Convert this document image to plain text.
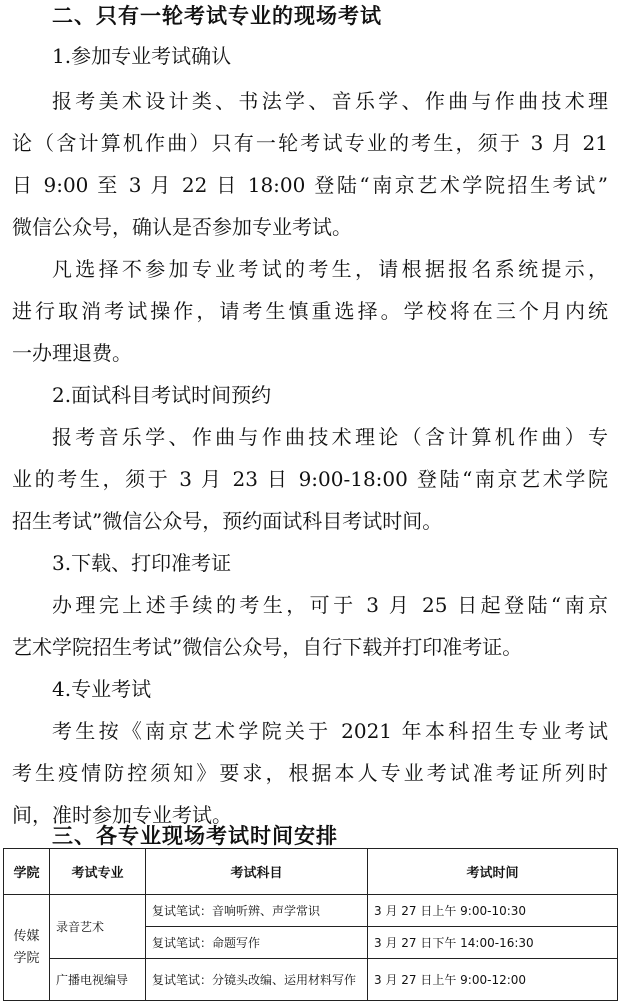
二、只有一轮考试专业的现场考试
1.参加专业考试确认
报考美术设计类、书法学、音乐学、作曲与作曲技术理
论（含计算机作曲）只有一轮考试专业的考生，须于 3 月 21
日 9:00 至 3 月 22 日 18:00 登陆“南京艺术学院招生考试”
微信公众号，确认是否参加专业考试。
凡选择不参加专业考试的考生，请根据报名系统提示，
进行取消考试操作，请考生慎重选择。学校将在三个月内统
一办理退费。
2.面试科目考试时间预约
报考音乐学、作曲与作曲技术理论（含计算机作曲）专
业的考生，须于 3 月 23 日 9:00-18:00 登陆“南京艺术学院
招生考试”微信公众号，预约面试科目考试时间。
3.下载、打印准考证
办理完上述手续的考生，可于 3 月 25 日起登陆“南京
艺术学院招生考试”微信公众号，自行下载并打印准考证。
4.专业考试
考生按《南京艺术学院关于 2021 年本科招生专业考试
考生疫情防控须知》要求，根据本人专业考试准考证所列时
间，准时参加专业考试。
三、各专业现场考试时间安排
学院	考试专业	考试科目	考试时间
传媒学院	录音艺术	复试笔试：音响听辨、声学常识	3 月 27 日上午 9:00-10:30
		复试笔试：命题写作	3 月 27 日下午 14:00-16:30
	广播电视编导	复试笔试：分镜头改编、运用材料写作	3 月 27 日上午 9:00-12:00
